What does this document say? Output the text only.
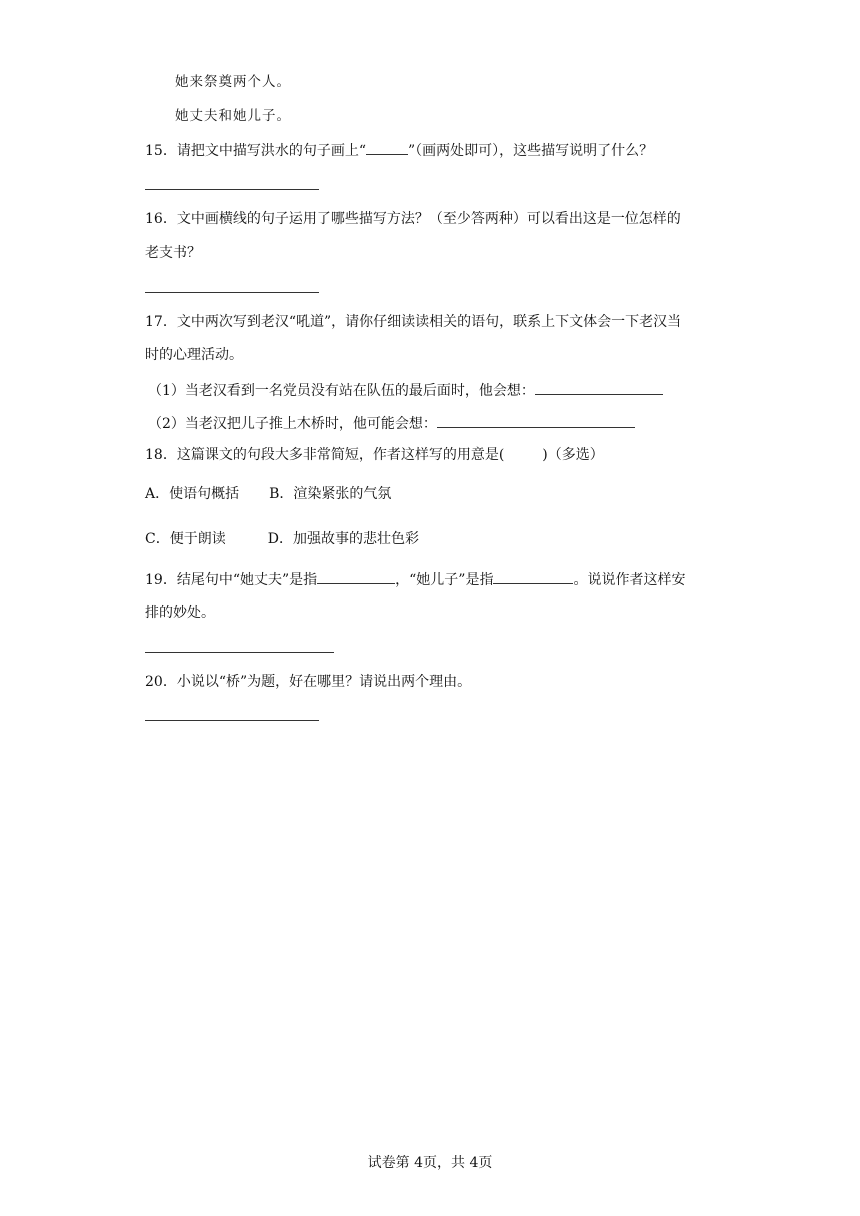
她来祭奠两个人。
她丈夫和她儿子。
15．请把文中描写洪水的句子画上“	”（画两处即可），这些描写说明了什么？
16．文中画横线的句子运用了哪些描写方法？（至少答两种）可以看出这是一位怎样的
老支书？
17．文中两次写到老汉“吼道”，请你仔细读读相关的语句，联系上下文体会一下老汉当
时的心理活动。
（1）当老汉看到一名党员没有站在队伍的最后面时，他会想：
（2）当老汉把儿子推上木桥时，他可能会想：
18．这篇课文的句段大多非常简短，作者这样写的用意是(	)（多选）
A．使语句概括 B．渲染紧张的气氛
C．便于朗读	D．加强故事的悲壮色彩
19．结尾句中“她丈夫”是指	，“她儿子”是指	。说说作者这样安
排的妙处。
20．小说以“桥”为题，好在哪里？请说出两个理由。
试卷第 4页，共 4页
